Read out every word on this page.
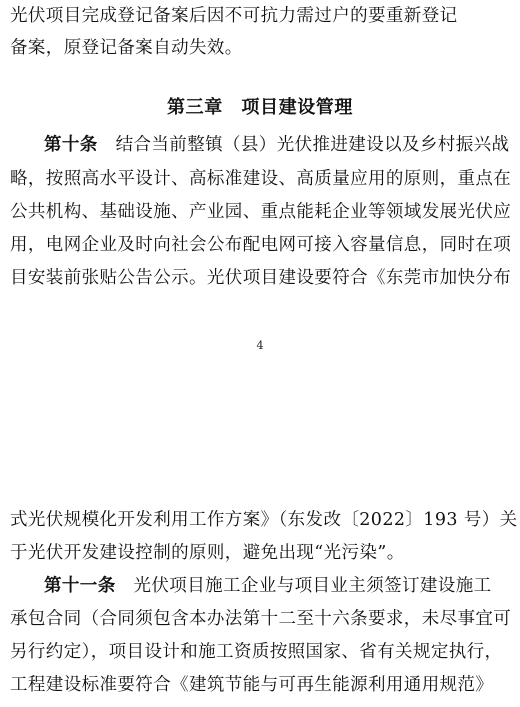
光伏项目完成登记备案后因不可抗力需过户的要重新登记
备案，原登记备案自动失效。
第三章　项目建设管理
第十条　结合当前整镇（县）光伏推进建设以及乡村振兴战
略，按照高水平设计、高标准建设、高质量应用的原则，重点在
公共机构、基础设施、产业园、重点能耗企业等领域发展光伏应
用，电网企业及时向社会公布配电网可接入容量信息，同时在项
目安装前张贴公告公示。光伏项目建设要符合《东莞市加快分布
4
式光伏规模化开发利用工作方案》（东发改〔2022〕193 号）关
于光伏开发建设控制的原则，避免出现“光污染”。
第十一条　光伏项目施工企业与项目业主须签订建设施工
承包合同（合同须包含本办法第十二至十六条要求，未尽事宜可
另行约定），项目设计和施工资质按照国家、省有关规定执行，
工程建设标准要符合《建筑节能与可再生能源利用通用规范》
